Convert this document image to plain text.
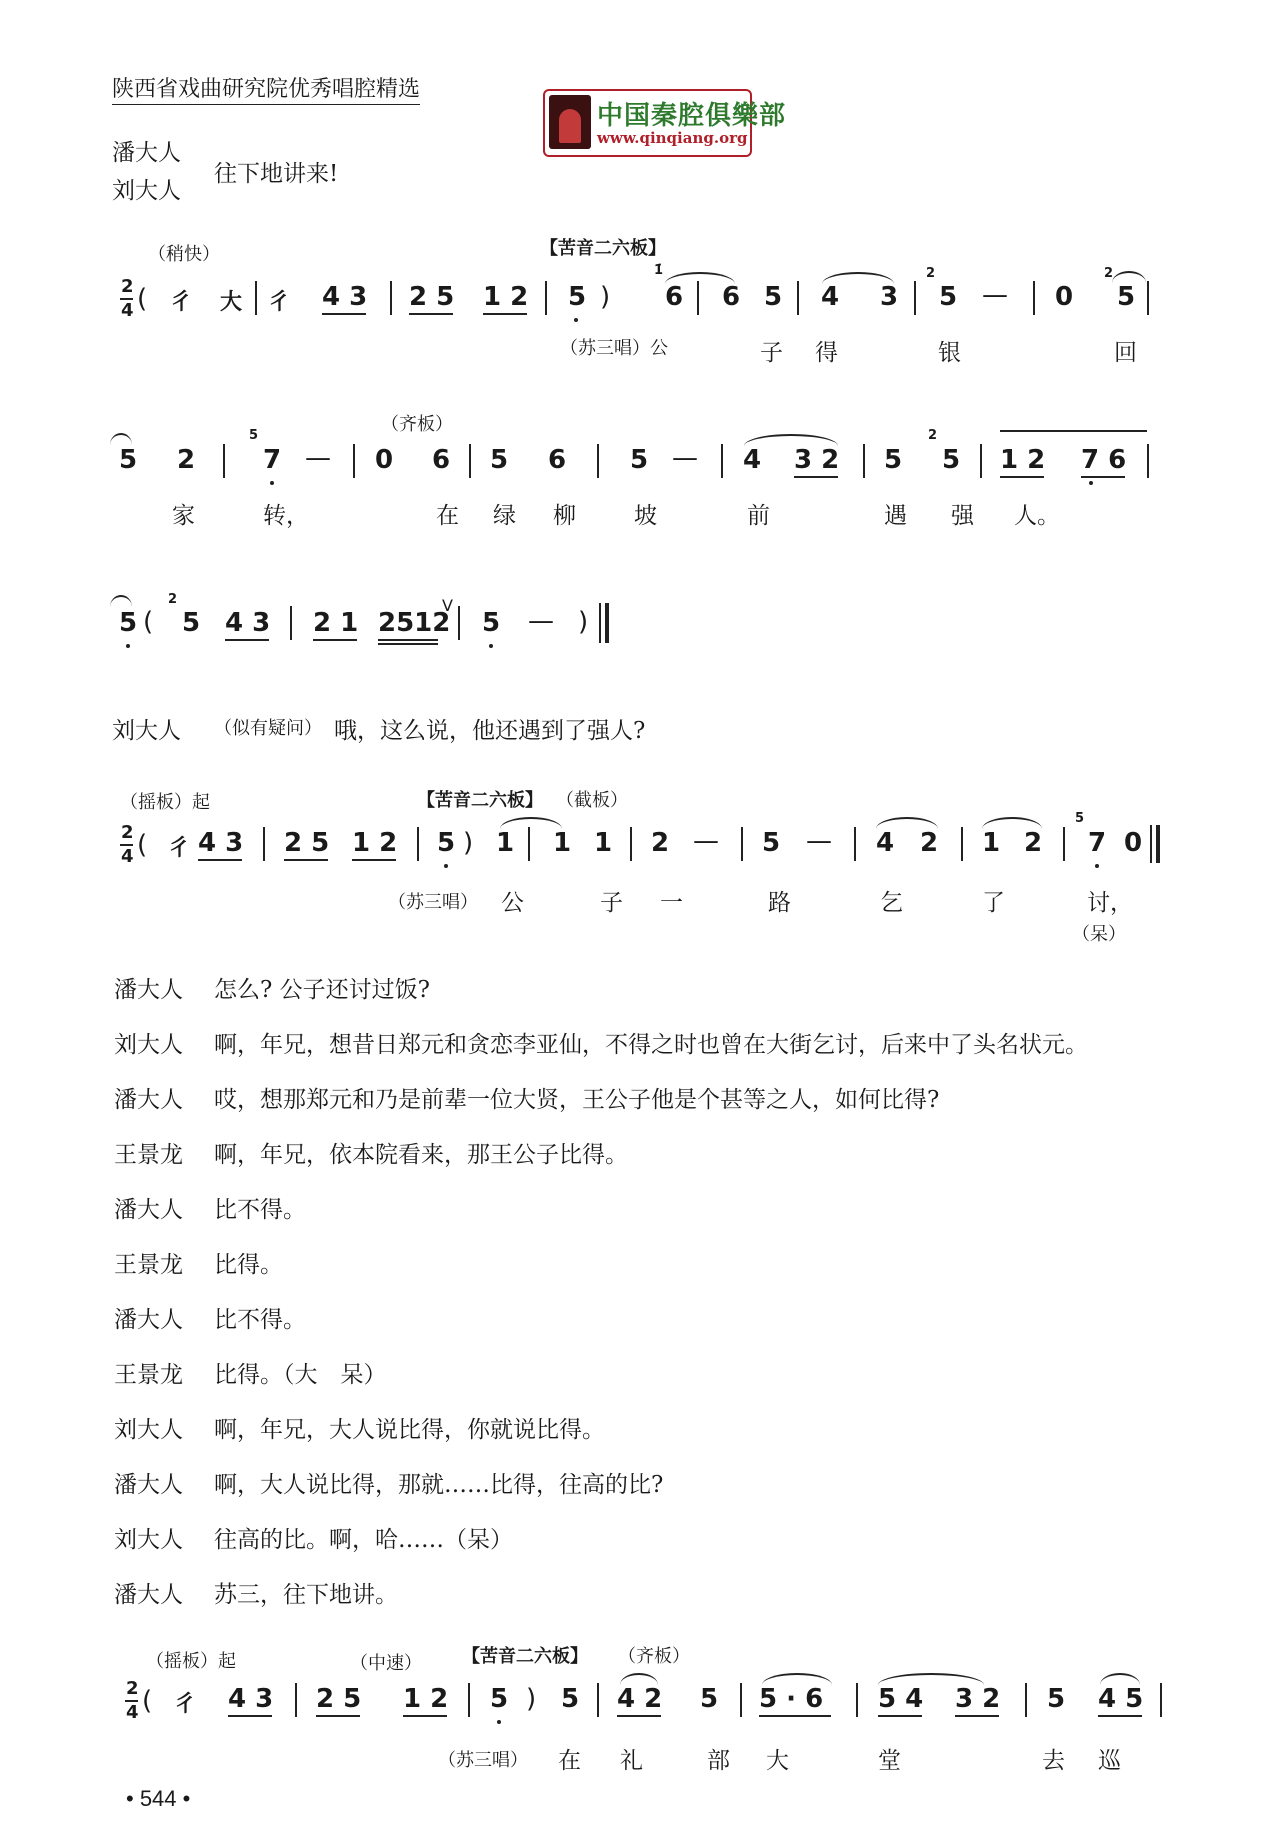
陕西省戏曲研究院优秀唱腔精选
中国秦腔俱樂部
www.qinqiang.org
潘大人
刘大人
往下地讲来!
（稍快）	【苦音二六板】
2
4 ( 彳 大 彳 4 3 2 5 1 2 5 )
1̇
6 6 5 4 3
2
5 — 0
2
5
（苏三唱）公	子 得	银	回
（齐板）
5 2
5
7 — 0 6 5 6 5 — 4 3 2 5
2
5 1 2 7 6
家	转，	在 绿 柳	坡	前	遇 强 人。
5 (
2
5 4 3 2 1 2512
V
5 — )
刘大人 （似有疑问） 哦，这么说，他还遇到了强人?
（摇板）起	【苦音二六板】 （截板）
2
4 ( 彳 4 3 2 5 1 2 5 ) 1 1 1 2 — 5 — 4 2 1 2
5
7 0
（苏三唱） 公	子 一	路	乞	了	讨，
（呆）
潘大人 怎么? 公子还讨过饭?
刘大人 啊，年兄，想昔日郑元和贪恋李亚仙，不得之时也曾在大街乞讨，后来中了头名状元。
潘大人 哎，想那郑元和乃是前辈一位大贤，王公子他是个甚等之人，如何比得?
王景龙 啊，年兄，依本院看来，那王公子比得。
潘大人 比不得。
王景龙 比得。
潘大人 比不得。
王景龙 比得。（大　呆）
刘大人 啊，年兄，大人说比得，你就说比得。
潘大人 啊，大人说比得，那就……比得，往高的比?
刘大人 往高的比。啊，哈……（呆）
潘大人 苏三，往下地讲。
（摇板）起	（中速） 【苦音二六板】 （齐板）
2
4 ( 彳 4 3 2 5 1 2 5 ) 5 4 2 5 5 · 6 5 4 3 2 5 4 5
（苏三唱） 在 礼	部 大	堂	去 巡
• 544 •
